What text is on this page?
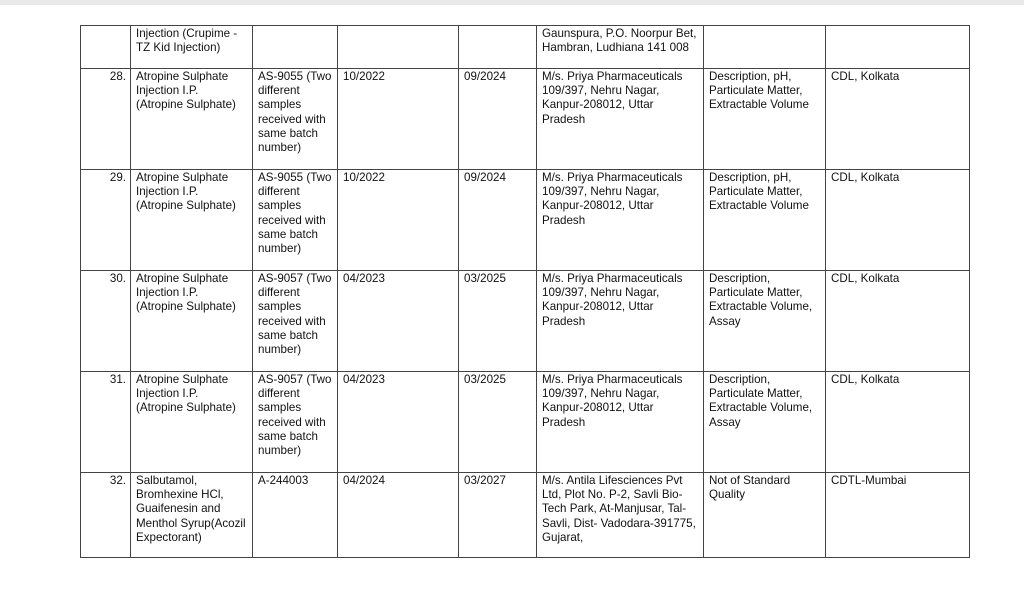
	Injection (Crupime - TZ Kid Injection)				Gaunspura, P.O. Noorpur Bet, Hambran, Ludhiana 141 008		
28.	Atropine Sulphate Injection I.P. (Atropine Sulphate)	AS-9055 (Two different samples received with same batch number)	10/2022	09/2024	M/s. Priya Pharmaceuticals 109/397, Nehru Nagar, Kanpur-208012, Uttar Pradesh	Description, pH, Particulate Matter, Extractable Volume	CDL, Kolkata
29.	Atropine Sulphate Injection I.P. (Atropine Sulphate)	AS-9055 (Two different samples received with same batch number)	10/2022	09/2024	M/s. Priya Pharmaceuticals 109/397, Nehru Nagar, Kanpur-208012, Uttar Pradesh	Description, pH, Particulate Matter, Extractable Volume	CDL, Kolkata
30.	Atropine Sulphate Injection I.P. (Atropine Sulphate)	AS-9057 (Two different samples received with same batch number)	04/2023	03/2025	M/s. Priya Pharmaceuticals 109/397, Nehru Nagar, Kanpur-208012, Uttar Pradesh	Description, Particulate Matter, Extractable Volume, Assay	CDL, Kolkata
31.	Atropine Sulphate Injection I.P. (Atropine Sulphate)	AS-9057 (Two different samples received with same batch number)	04/2023	03/2025	M/s. Priya Pharmaceuticals 109/397, Nehru Nagar, Kanpur-208012, Uttar Pradesh	Description, Particulate Matter, Extractable Volume, Assay	CDL, Kolkata
32.	Salbutamol, Bromhexine HCl, Guaifenesin and Menthol Syrup(Acozil Expectorant)	A-244003	04/2024	03/2027	M/s. Antila Lifesciences Pvt Ltd, Plot No. P-2, Savli Bio-Tech Park, At-Manjusar, Tal-Savli, Dist- Vadodara-391775, Gujarat,	Not of Standard Quality	CDTL-Mumbai
